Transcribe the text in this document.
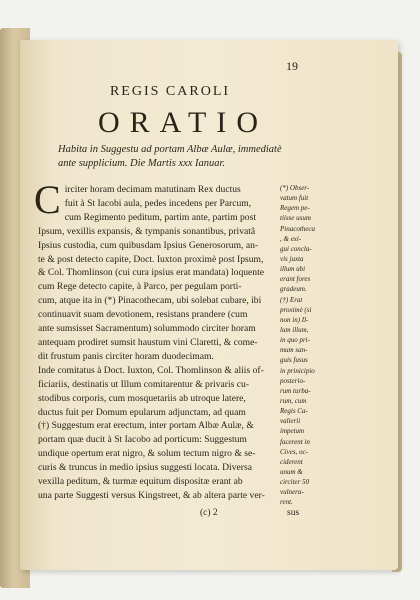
19
REGIS CAROLI
ORATIO
Habita in Suggestu ad portam Albæ Aulæ, immediatè ante supplicium. Die Martis xxx Ianuar.
Circiter horam decimam matutinam Rex ductus
fuit à St Iacobi aula, pedes incedens per Parcum,
cum Regimento peditum, partim ante, partim post
Ipsum, vexillis expansis, & tympanis sonantibus, privatâ
Ipsius custodia, cum quibusdam Ipsius Generosorum, an-
te & post detecto capite, Doct. Iuxton proximè post Ipsum,
& Col. Thomlinson (cui cura ipsius erat mandata) loquente
cum Rege detecto capite, à Parco, per pegulam porti-
cum, atque ita in (*) Pinacothecam, ubi solebat cubare, ibi
continuavit suam devotionem, resistans prandere (cum
ante sumsisset Sacramentum) solummodo circiter horam
antequam prodiret sumsit haustum vini Claretti, & come-
dit frustum panis circiter horam duodecimam.
Inde comitatus à Doct. Iuxton, Col. Thomlinson & aliis of-
ficiariis, destinatis ut Illum comitarentur & privaris cu-
stodibus corporis, cum mosquetariis ab utroque latere,
ductus fuit per Domum epularum adjunctam, ad quam
(†) Suggestum erat erectum, inter portam Albæ Aulæ, &
portam quæ ducit à St Iacobo ad porticum: Suggestum
undique opertum erat nigro, & solum tectum nigro & se-
curis & truncus in medio ipsius suggesti locata. Diversa
vexilla peditum, & turmæ equitum dispositæ erant ab
una parte Suggesti versus Kingstreet, & ab altera parte ver-
(*) Obser-
vatum fuit
Regem pe-
tiisse usum
Pinacotheca
, & exi-
gui concla-
vis juxta
illum ubi
erant fores
gradeum.
(†) Erat
proximè (si
non in) Il-
lum illum,
in quo pri-
mum san-
guis fusus
in prinicipio
posterio-
rum turba-
rum, cum
Regis Ca-
valierii
impetum
facerent in
Cives, oc-
ciderent
unum &
circiter 50
vulnera-
rent.
(c) 2	sus
